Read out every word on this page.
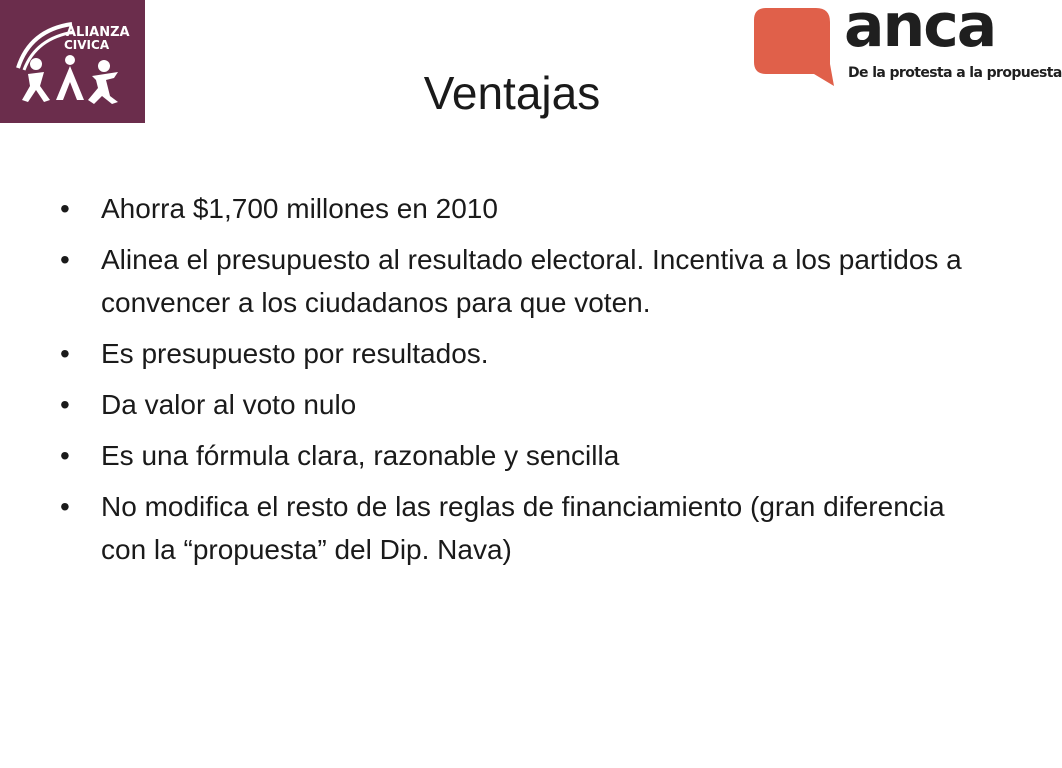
ALIANZA
CIVICA	anca
De la protesta a la propuesta
Ventajas
• Ahorra $1,700 millones en 2010
• Alinea el presupuesto al resultado electoral. Incentiva a los partidos a convencer a los ciudadanos para que voten.
• Es presupuesto por resultados.
• Da valor al voto nulo
• Es una fórmula clara, razonable y sencilla
• No modifica el resto de las reglas de financiamiento (gran diferencia con la “propuesta” del Dip. Nava)
